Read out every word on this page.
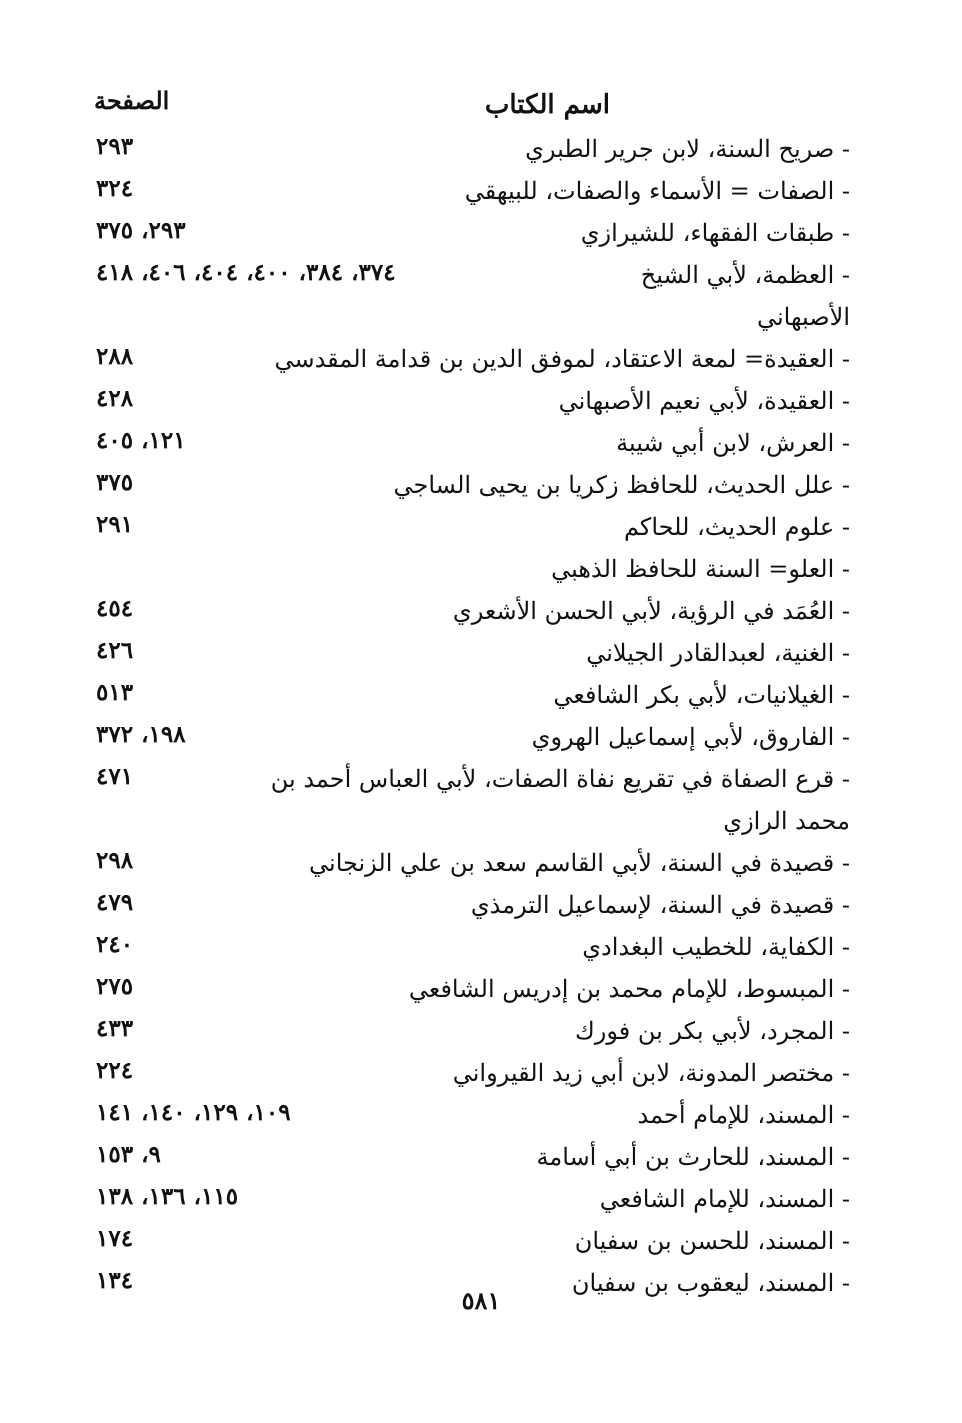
اسم الكتاب
الصفحة
- صريح السنة، لابن جرير الطبري
٢٩٣
- الصفات = الأسماء والصفات، للبيهقي
٣٢٤
- طبقات الفقهاء، للشيرازي
٢٩٣، ٣٧٥
- العظمة، لأبي الشيخ الأصبهاني
٣٧٤، ٣٨٤، ٤٠٠، ٤٠٤، ٤٠٦، ٤١٨
- العقيدة= لمعة الاعتقاد، لموفق الدين بن قدامة المقدسي
٢٨٨
- العقيدة، لأبي نعيم الأصبهاني
٤٢٨
- العرش، لابن أبي شيبة
١٢١، ٤٠٥
- علل الحديث، للحافظ زكريا بن يحيى الساجي
٣٧٥
- علوم الحديث، للحاكم
٢٩١
- العلو= السنة للحافظ الذهبي
- العُمَد في الرؤية، لأبي الحسن الأشعري
٤٥٤
- الغنية، لعبدالقادر الجيلاني
٤٢٦
- الغيلانيات، لأبي بكر الشافعي
٥١٣
- الفاروق، لأبي إسماعيل الهروي
١٩٨، ٣٧٢
- قرع الصفاة في تقريع نفاة الصفات، لأبي العباس أحمد بن محمد الرازي
٤٧١
- قصيدة في السنة، لأبي القاسم سعد بن علي الزنجاني
٢٩٨
- قصيدة في السنة، لإسماعيل الترمذي
٤٧٩
- الكفاية، للخطيب البغدادي
٢٤٠
- المبسوط، للإمام محمد بن إدريس الشافعي
٢٧٥
- المجرد، لأبي بكر بن فورك
٤٣٣
- مختصر المدونة، لابن أبي زيد القيرواني
٢٢٤
- المسند، للإمام أحمد
١٠٩، ١٢٩، ١٤٠، ١٤١
- المسند، للحارث بن أبي أسامة
٩، ١٥٣
- المسند، للإمام الشافعي
١١٥، ١٣٦، ١٣٨
- المسند، للحسن بن سفيان
١٧٤
- المسند، ليعقوب بن سفيان
١٣٤
٥٨١
